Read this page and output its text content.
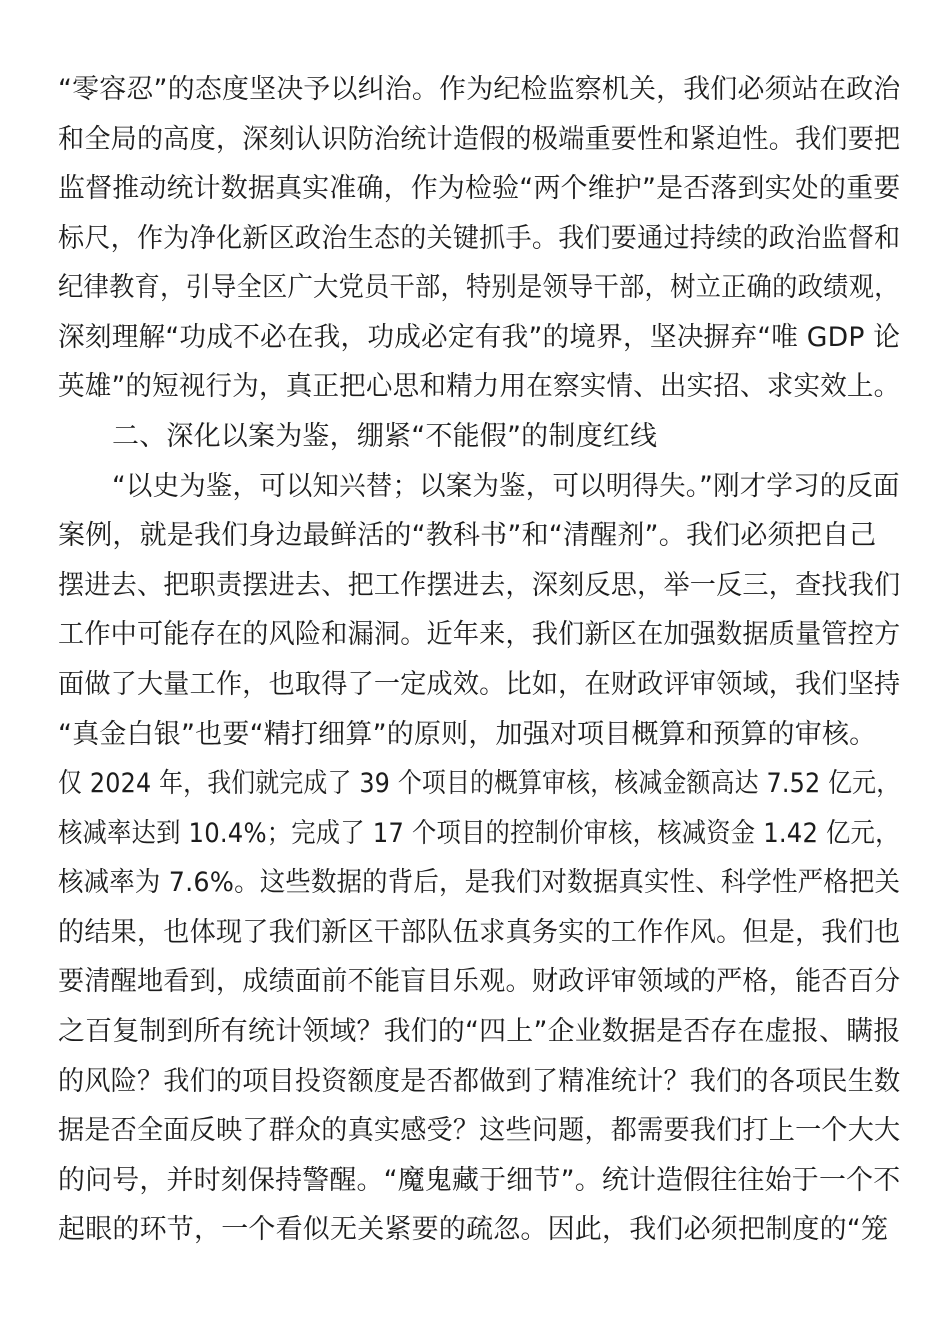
“零容忍”的态度坚决予以纠治。作为纪检监察机关，我们必须站在政治
和全局的高度，深刻认识防治统计造假的极端重要性和紧迫性。我们要把
监督推动统计数据真实准确，作为检验“两个维护”是否落到实处的重要
标尺，作为净化新区政治生态的关键抓手。我们要通过持续的政治监督和
纪律教育，引导全区广大党员干部，特别是领导干部，树立正确的政绩观，
深刻理解“功成不必在我，功成必定有我”的境界，坚决摒弃“唯 GDP 论
英雄”的短视行为，真正把心思和精力用在察实情、出实招、求实效上。
二、深化以案为鉴，绷紧“不能假”的制度红线
“以史为鉴，可以知兴替；以案为鉴，可以明得失。”刚才学习的反面
案例，就是我们身边最鲜活的“教科书”和“清醒剂”。我们必须把自己
摆进去、把职责摆进去、把工作摆进去，深刻反思，举一反三，查找我们
工作中可能存在的风险和漏洞。近年来，我们新区在加强数据质量管控方
面做了大量工作，也取得了一定成效。比如，在财政评审领域，我们坚持
“真金白银”也要“精打细算”的原则，加强对项目概算和预算的审核。
仅 2024 年，我们就完成了 39 个项目的概算审核，核减金额高达 7.52 亿元，
核减率达到 10.4%；完成了 17 个项目的控制价审核，核减资金 1.42 亿元，
核减率为 7.6%。这些数据的背后，是我们对数据真实性、科学性严格把关
的结果，也体现了我们新区干部队伍求真务实的工作作风。但是，我们也
要清醒地看到，成绩面前不能盲目乐观。财政评审领域的严格，能否百分
之百复制到所有统计领域？我们的“四上”企业数据是否存在虚报、瞒报
的风险？我们的项目投资额度是否都做到了精准统计？我们的各项民生数
据是否全面反映了群众的真实感受？这些问题，都需要我们打上一个大大
的问号，并时刻保持警醒。“魔鬼藏于细节”。统计造假往往始于一个不
起眼的环节，一个看似无关紧要的疏忽。因此，我们必须把制度的“笼
